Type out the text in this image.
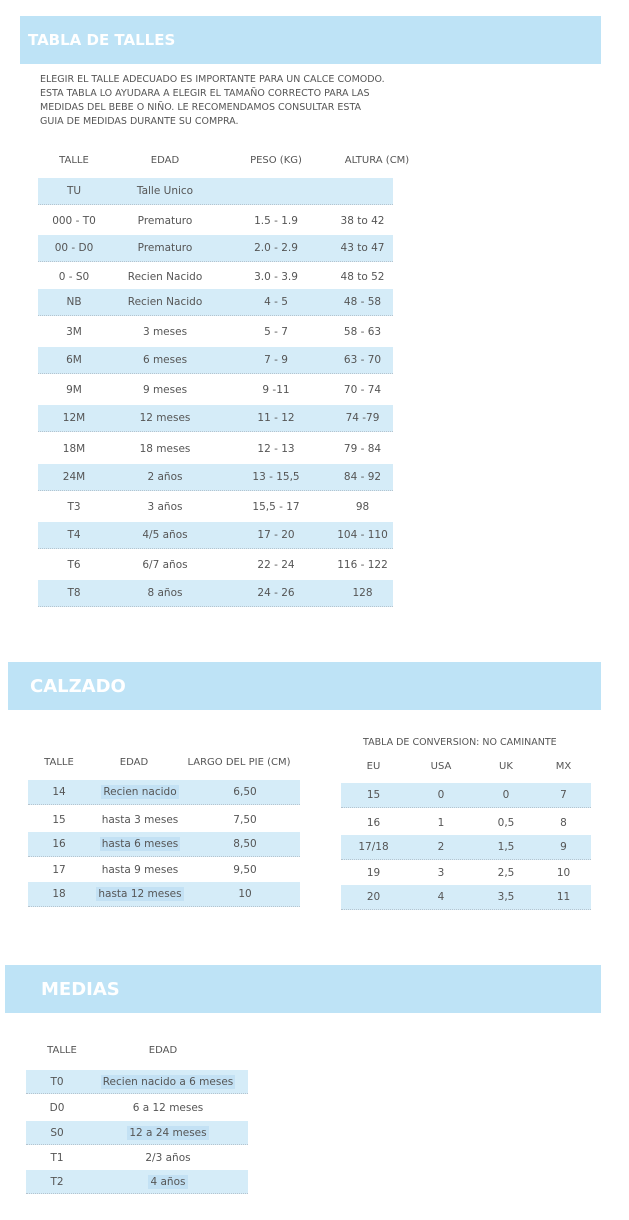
TABLA DE TALLES
ELEGIR EL TALLE ADECUADO ES IMPORTANTE PARA UN CALCE COMODO.
ESTA TABLA LO AYUDARA A ELEGIR EL TAMAÑO CORRECTO PARA LAS
MEDIDAS DEL BEBE O NIÑO. LE RECOMENDAMOS CONSULTAR ESTA
GUIA DE MEDIDAS DURANTE SU COMPRA.
TALLE	EDAD	PESO (KG)	ALTURA (CM)
TU	Talle Unico
000 - T0	Prematuro	1.5 - 1.9	38 to 42
00 - D0	Prematuro	2.0 - 2.9	43 to 47
0 - S0	Recien Nacido	3.0 - 3.9	48 to 52
NB	Recien Nacido	4 - 5	48 - 58
3M	3 meses	5 - 7	58 - 63
6M	6 meses	7 - 9	63 - 70
9M	9 meses	9 -11	70 - 74
12M	12 meses	11 - 12	74 -79
18M	18 meses	12 - 13	79 - 84
24M	2 años	13 - 15,5	84 - 92
T3	3 años	15,5 - 17	98
T4	4/5 años	17 - 20	104 - 110
T6	6/7 años	22 - 24	116 - 122
T8	8 años	24 - 26	128
CALZADO
TALLE	EDAD	LARGO DEL PIE (CM)
14	Recien nacido	6,50
15	hasta 3 meses	7,50
16	hasta 6 meses	8,50
17	hasta 9 meses	9,50
18	hasta 12 meses	10
TABLA DE CONVERSION: NO CAMINANTE
EU	USA	UK	MX
15	0	0	7
16	1	0,5	8
17/18	2	1,5	9
19	3	2,5	10
20	4	3,5	11
MEDIAS
TALLE	EDAD
T0	Recien nacido a 6 meses
D0	6 a 12 meses
S0	12 a 24 meses
T1	2/3 años
T2	4 años
